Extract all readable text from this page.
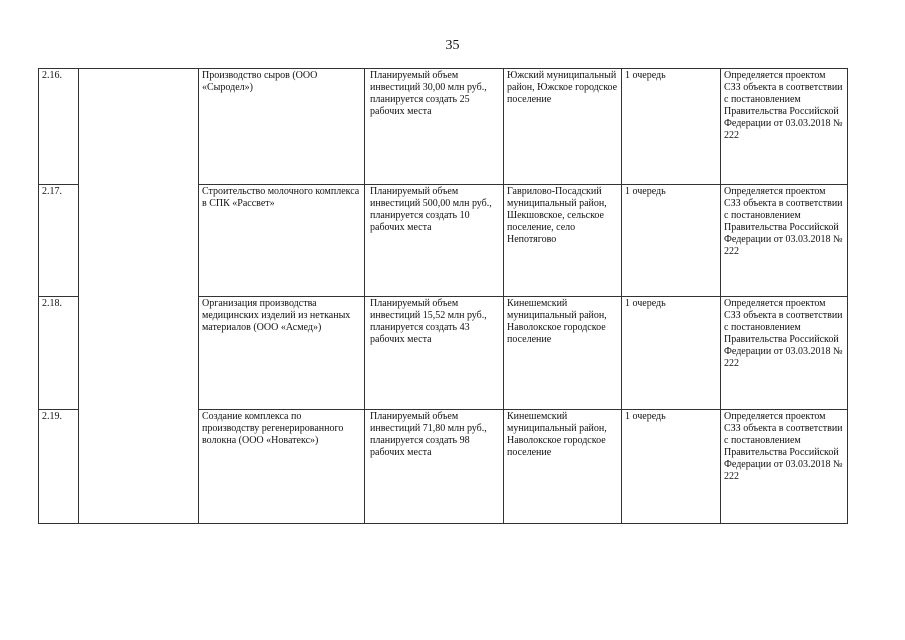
35
2.16.		Производство сыров (ООО «Сыродел»)	Планируемый объем инвестиций 30,00 млн руб., планируется создать 25 рабочих места	Южский муниципальный район, Южское городское поселение	1 очередь	Определяется проектом СЗЗ объекта в соответствии с постановлением Правительства Российской Федерации от 03.03.2018 № 222

2.17.		Строительство молочного комплекса в СПК «Рассвет»	Планируемый объем инвестиций 500,00 млн руб., планируется создать 10 рабочих места	Гаврилово-Посадский муниципальный район, Шекшовское, сельское поселение, село Непотягово	1 очередь	Определяется проектом СЗЗ объекта в соответствии с постановлением Правительства Российской Федерации от 03.03.2018 № 222

2.18.		Организация производства медицинских изделий из нетканых материалов (ООО «Асмед»)	Планируемый объем инвестиций 15,52 млн руб., планируется создать 43 рабочих места	Кинешемский муниципальный район, Наволокское городское поселение	1 очередь	Определяется проектом СЗЗ объекта в соответствии с постановлением Правительства Российской Федерации от 03.03.2018 № 222

2.19.		Создание комплекса по производству регенерированного волокна (ООО «Новатекс»)	Планируемый объем инвестиций 71,80 млн руб., планируется создать 98 рабочих места	Кинешемский муниципальный район, Наволокское городское поселение	1 очередь	Определяется проектом СЗЗ объекта в соответствии с постановлением Правительства Российской Федерации от 03.03.2018 № 222
